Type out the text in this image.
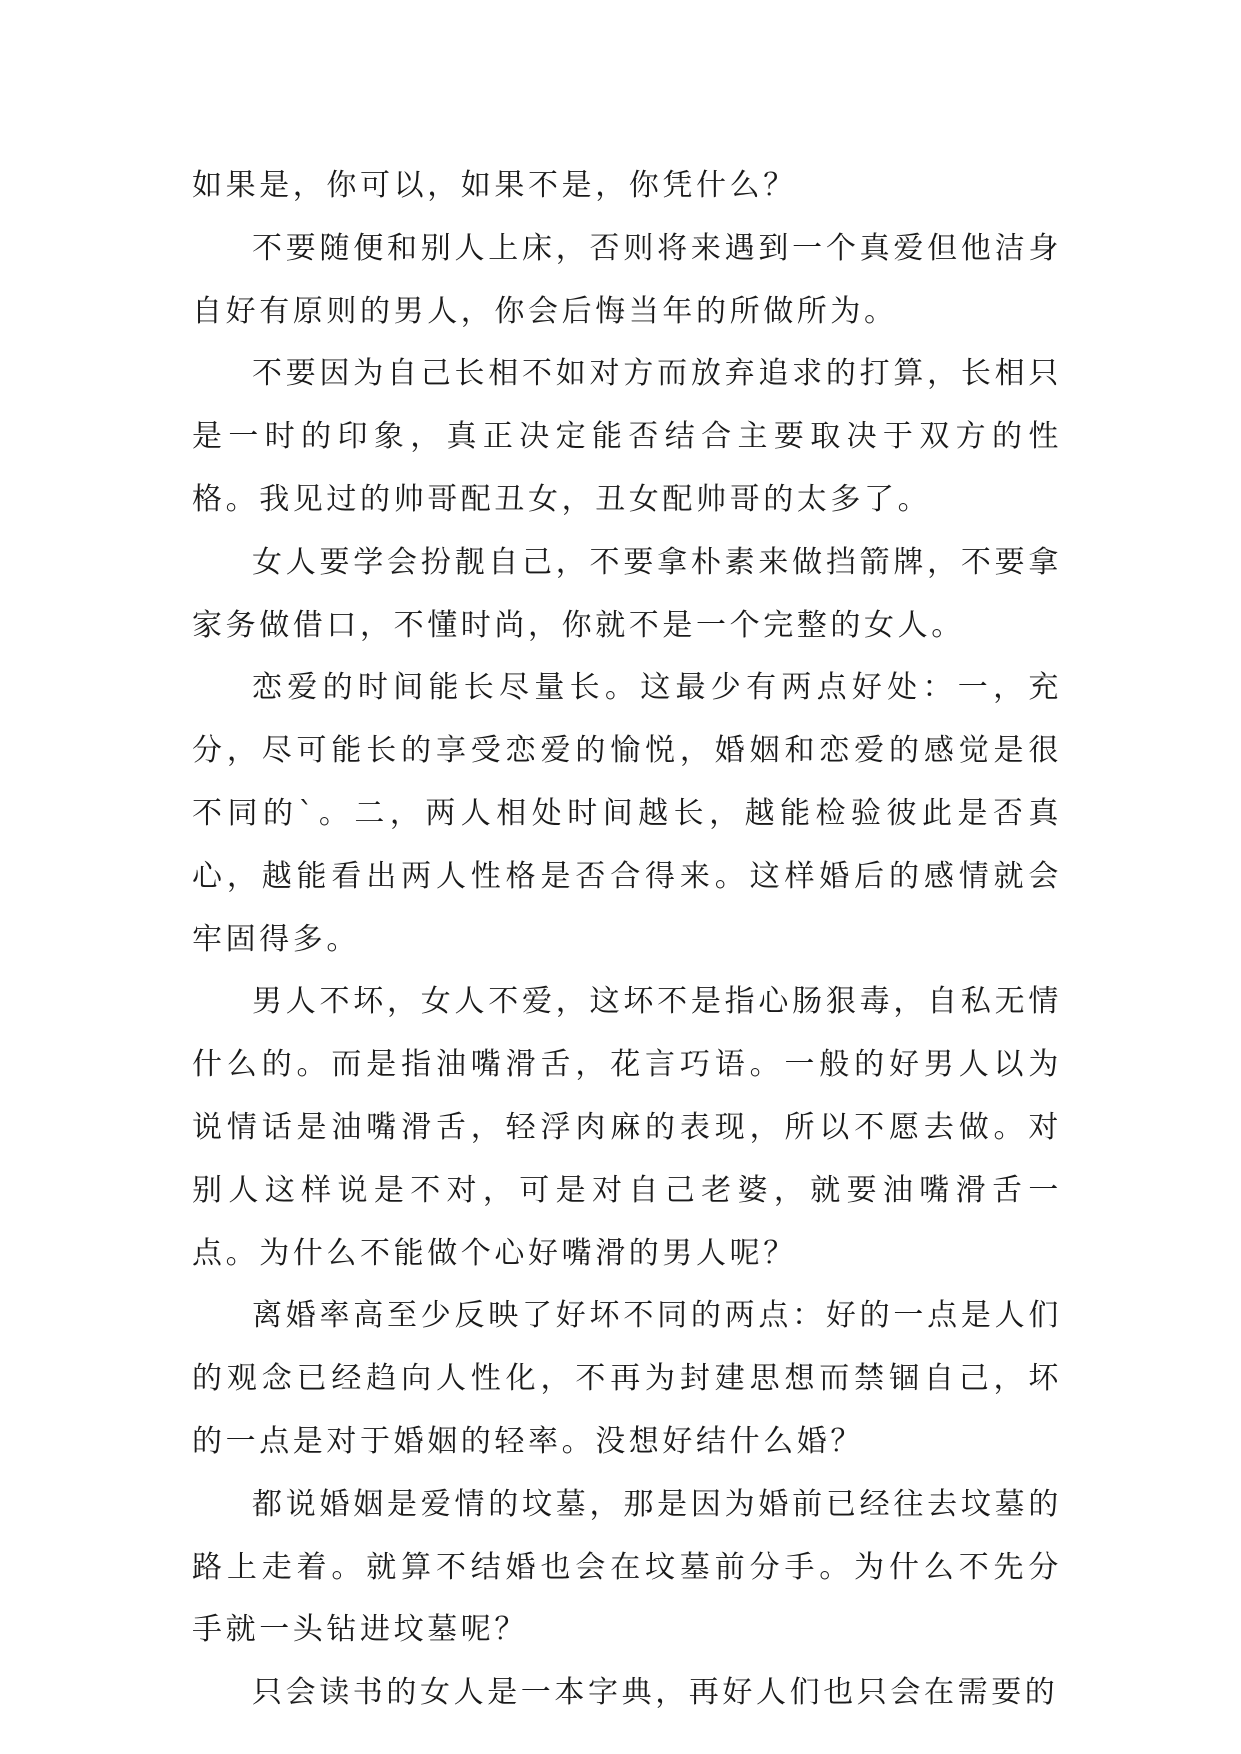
如果是，你可以，如果不是，你凭什么？

不要随便和别人上床，否则将来遇到一个真爱但他洁身自好有原则的男人，你会后悔当年的所做所为。

不要因为自己长相不如对方而放弃追求的打算，长相只是一时的印象，真正决定能否结合主要取决于双方的性格。我见过的帅哥配丑女，丑女配帅哥的太多了。

女人要学会扮靓自己，不要拿朴素来做挡箭牌，不要拿家务做借口，不懂时尚，你就不是一个完整的女人。

恋爱的时间能长尽量长。这最少有两点好处：一，充分，尽可能长的享受恋爱的愉悦，婚姻和恋爱的感觉是很不同的`。二，两人相处时间越长，越能检验彼此是否真心，越能看出两人性格是否合得来。这样婚后的感情就会牢固得多。

男人不坏，女人不爱，这坏不是指心肠狠毒，自私无情什么的。而是指油嘴滑舌，花言巧语。一般的好男人以为说情话是油嘴滑舌，轻浮肉麻的表现，所以不愿去做。对别人这样说是不对，可是对自己老婆，就要油嘴滑舌一点。为什么不能做个心好嘴滑的男人呢？

离婚率高至少反映了好坏不同的两点：好的一点是人们的观念已经趋向人性化，不再为封建思想而禁锢自己，坏的一点是对于婚姻的轻率。没想好结什么婚？

都说婚姻是爱情的坟墓，那是因为婚前已经往去坟墓的路上走着。就算不结婚也会在坟墓前分手。为什么不先分手就一头钻进坟墓呢？

只会读书的女人是一本字典，再好人们也只会在需要的
